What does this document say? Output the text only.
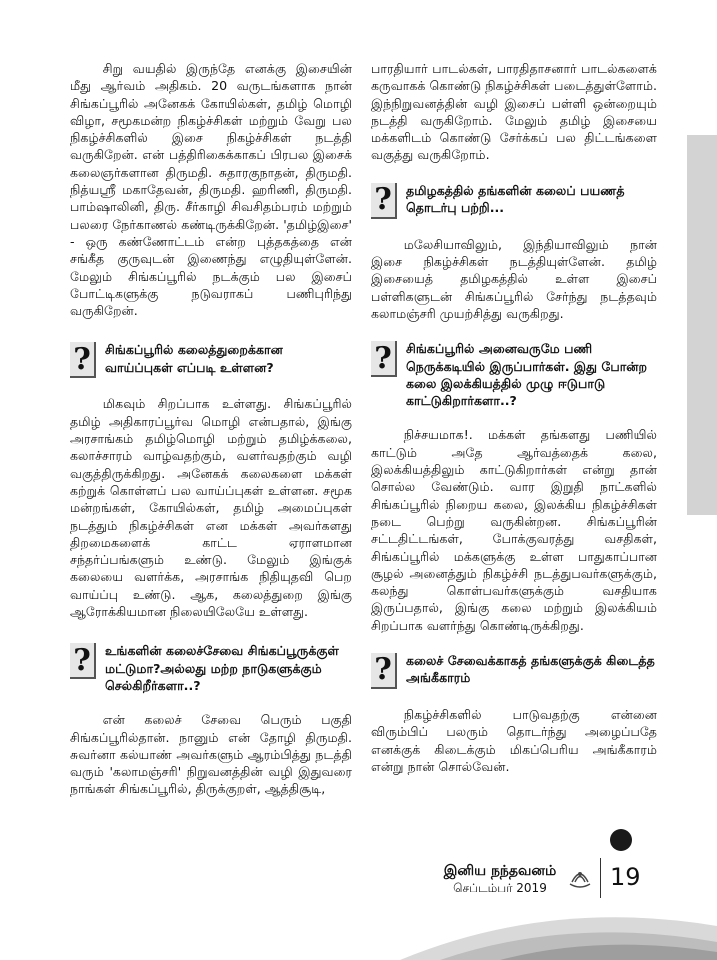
சிறு வயதில் இருந்தே எனக்கு இசையின் மீது ஆர்வம் அதிகம். 20 வருடங்களாக நான் சிங்கப்பூரில் அனேகக் கோயில்கள், தமிழ் மொழி விழா, சமூகமன்ற நிகழ்ச்சிகள் மற்றும் வேறு பல நிகழ்ச்சிகளில் இசை நிகழ்ச்சிகள் நடத்தி வருகிறேன். என் பத்திரிகைக்காகப் பிரபல இசைக் கலைஞர்களான திருமதி. சுதாரகுநாதன், திருமதி. நித்யஸ்ரீ மகாதேவன், திருமதி. ஹரிணி, திருமதி. பாம்ஷாலினி, திரு. சீர்காழி சிவசிதம்பரம் மற்றும் பலரை நேர்காணல் கண்டிருக்கிறேன். 'தமிழ்இசை' - ஒரு கண்ணோட்டம் என்ற புத்தகத்தை என் சங்கீத குருவுடன் இணைந்து எழுதியுள்ளேன். மேலும் சிங்கப்பூரில் நடக்கும் பல இசைப் போட்டிகளுக்கு நடுவராகப் பணிபுரிந்து வருகிறேன்.

?	சிங்கப்பூரில் கலைத்துறைக்கான வாய்ப்புகள் எப்படி உள்ளன?

மிகவும் சிறப்பாக உள்ளது. சிங்கப்பூரில் தமிழ் அதிகாரப்பூர்வ மொழி என்பதால், இங்கு அரசாங்கம் தமிழ்மொழி மற்றும் தமிழ்க்கலை, கலாச்சாரம் வாழ்வதற்கும், வளர்வதற்கும் வழி வகுத்திருக்கிறது. அனேகக் கலைகளை மக்கள் கற்றுக் கொள்ளப் பல வாய்ப்புகள் உள்ளன. சமூக மன்றங்கள், கோயில்கள், தமிழ் அமைப்புகள் நடத்தும் நிகழ்ச்சிகள் என மக்கள் அவர்களது திறமைகளைக் காட்ட ஏராளமான சந்தர்ப்பங்களும் உண்டு. மேலும் இங்குக் கலையை வளர்க்க, அரசாங்க நிதியுதவி பெற வாய்ப்பு உண்டு. ஆக, கலைத்துறை இங்கு ஆரோக்கியமான நிலையிலேயே உள்ளது.

?	உங்களின் கலைச்சேவை சிங்கப்பூருக்குள் மட்டுமா?அல்லது மற்ற நாடுகளுக்கும் செல்கிறீர்களா..?

என் கலைச் சேவை பெரும் பகுதி சிங்கப்பூரில்தான். நானும் என் தோழி திருமதி. சுவர்னா கல்யாண் அவர்களும் ஆரம்பித்து நடத்தி வரும் 'கலாமஞ்சரி' நிறுவனத்தின் வழி இதுவரை நாங்கள் சிங்கப்பூரில், திருக்குறள், ஆத்திசூடி,

பாரதியார் பாடல்கள், பாரதிதாசனார் பாடல்களைக் கருவாகக் கொண்டு நிகழ்ச்சிகள் படைத்துள்ளோம். இந்நிறுவனத்தின் வழி இசைப் பள்ளி ஒன்றையும் நடத்தி வருகிறோம். மேலும் தமிழ் இசையை மக்களிடம் கொண்டு சேர்க்கப் பல திட்டங்களை வகுத்து வருகிறோம்.

?	தமிழகத்தில் தங்களின் கலைப் பயணத் தொடர்பு பற்றி...

மலேசியாவிலும், இந்தியாவிலும் நான் இசை நிகழ்ச்சிகள் நடத்தியுள்ளேன். தமிழ் இசையைத் தமிழகத்தில் உள்ள இசைப் பள்ளிகளுடன் சிங்கப்பூரில் சேர்ந்து நடத்தவும் கலாமஞ்சரி முயற்சித்து வருகிறது.

?	சிங்கப்பூரில் அனைவருமே பணி நெருக்கடியில் இருப்பார்கள். இது போன்ற கலை இலக்கியத்தில் முழு ஈடுபாடு காட்டுகிறார்களா..?

நிச்சயமாக!. மக்கள் தங்களது பணியில் காட்டும் அதே ஆர்வத்தைக் கலை, இலக்கியத்திலும் காட்டுகிறார்கள் என்று தான் சொல்ல வேண்டும். வார இறுதி நாட்களில் சிங்கப்பூரில் நிறைய கலை, இலக்கிய நிகழ்ச்சிகள் நடை பெற்று வருகின்றன. சிங்கப்பூரின் சட்டதிட்டங்கள், போக்குவரத்து வசதிகள், சிங்கப்பூரில் மக்களுக்கு உள்ள பாதுகாப்பான சூழல் அனைத்தும் நிகழ்ச்சி நடத்துபவர்களுக்கும், கலந்து கொள்பவர்களுக்கும் வசதியாக இருப்பதால், இங்கு கலை மற்றும் இலக்கியம் சிறப்பாக வளர்ந்து கொண்டிருக்கிறது.

?	கலைச் சேவைக்காகத் தங்களுக்குக் கிடைத்த அங்கீகாரம்

நிகழ்ச்சிகளில் பாடுவதற்கு என்னை விரும்பிப் பலரும் தொடர்ந்து அழைப்பதே எனக்குக் கிடைக்கும் மிகப்பெரிய அங்கீகாரம் என்று நான் சொல்வேன்.

இனிய நந்தவனம்
செப்டம்பர் 2019	19
